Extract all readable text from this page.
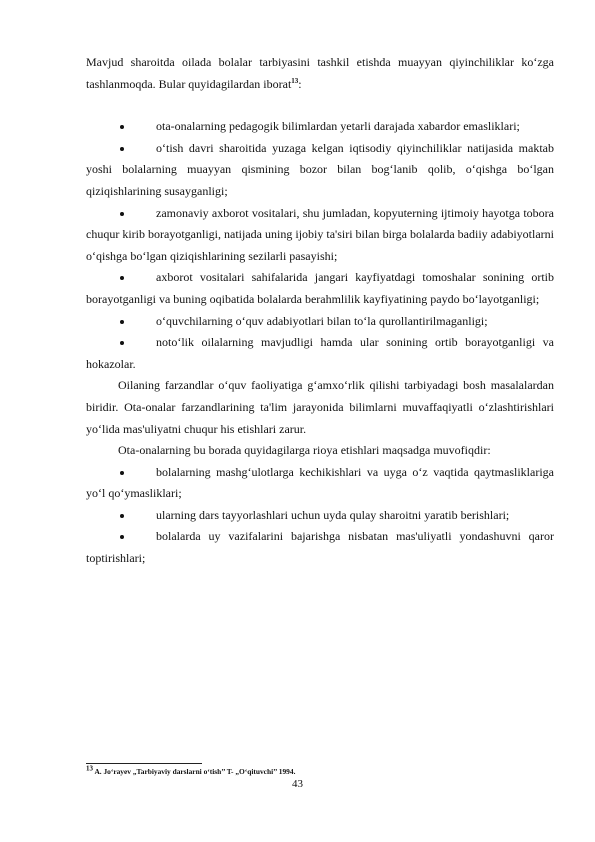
Mavjud sharoitda oilada bolalar tarbiyasini tashkil etishda muayyan qiyinchiliklar ko‘zga tashlanmoqda. Bular quyidagilardan iborat$^{13}$:

ota-onalarning pedagogik bilimlardan yetarli darajada xabardor emasliklari;

o‘tish davri sharoitida yuzaga kelgan iqtisodiy qiyinchiliklar natijasida maktab yoshi bolalarning muayyan qismining bozor bilan bog‘lanib qolib, o‘qishga bo‘lgan qiziqishlarining susayganligi;

zamonaviy axborot vositalari, shu jumladan, kopyuterning ijtimoiy hayotga tobora chuqur kirib borayotganligi, natijada uning ijobiy ta'siri bilan birga bolalarda badiiy adabiyotlarni o‘qishga bo‘lgan qiziqishlarining sezilarli pasayishi;

axborot vositalari sahifalarida jangari kayfiyatdagi tomoshalar sonining ortib borayotganligi va buning oqibatida bolalarda berahmlilik kayfiyatining paydo bo‘layotganligi;

o‘quvchilarning o‘quv adabiyotlari bilan to‘la qurollantirilmaganligi;

noto‘lik oilalarning mavjudligi hamda ular sonining ortib borayotganligi va hokazolar.

Oilaning farzandlar o‘quv faoliyatiga g‘amxo‘rlik qilishi tarbiyadagi bosh masalalardan biridir. Ota-onalar farzandlarining ta'lim jarayonida bilimlarni muvaffaqiyatli o‘zlashtirishlari yo‘lida mas'uliyatni chuqur his etishlari zarur.

Ota-onalarning bu borada quyidagilarga rioya etishlari maqsadga muvofiqdir:

bolalarning mashg‘ulotlarga kechikishlari va uyga o‘z vaqtida qaytmasliklariga yo‘l qo‘ymasliklari;

ularning dars tayyorlashlari uchun uyda qulay sharoitni yaratib berishlari;

bolalarda uy vazifalarini bajarishga nisbatan mas'uliyatli yondashuvni qaror toptirishlari;

$^{13}$ A. Jo‘rayev „Tarbiyaviy darslarni o‘tish’’ T- „O‘qituvchi’’ 1994.
43
